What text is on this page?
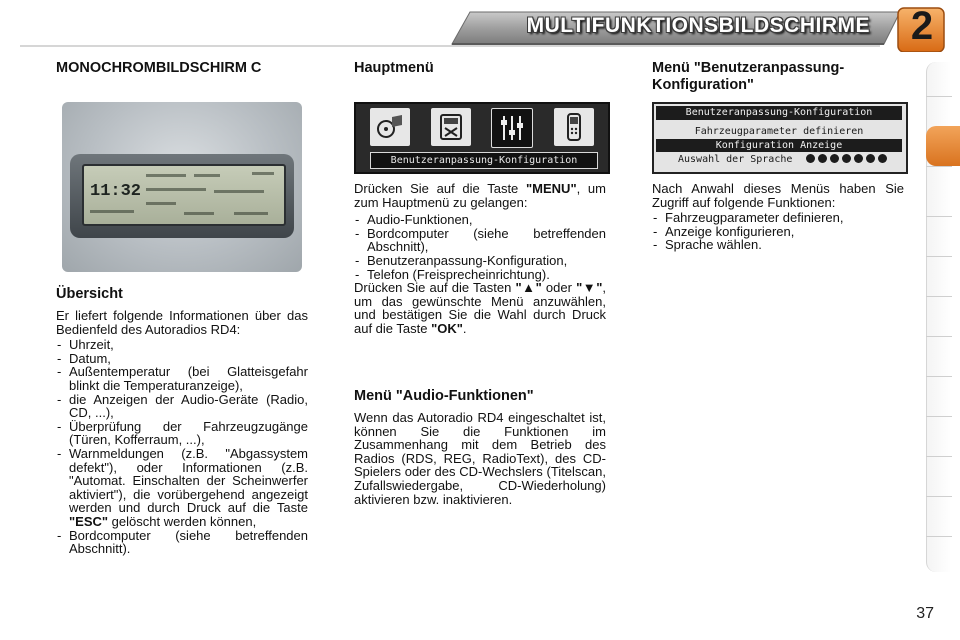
MULTIFUNKTIONSBILDSCHIRME 2
MONOCHROMBILDSCHIRM C
11:32
Übersicht

Er liefert folgende Informationen über das Bedienfeld des Autoradios RD4:

- Uhrzeit,
- Datum,
- Außentemperatur (bei Glatteisgefahr blinkt die Temperaturanzeige),
- die Anzeigen der Audio-Geräte (Radio, CD, ...),
- Überprüfung der Fahrzeugzugänge (Türen, Kofferraum, ...),
- Warnmeldungen (z.B. "Abgassystem defekt"), oder Informationen (z.B. "Automat. Einschalten der Scheinwerfer aktiviert"), die vorübergehend angezeigt werden und durch Druck auf die Taste "ESC" gelöscht werden können,
- Bordcomputer (siehe betreffenden Abschnitt).
Hauptmenü
Benutzeranpassung-Konfiguration

Drücken Sie auf die Taste "MENU", um zum Hauptmenü zu gelangen:

- Audio-Funktionen,
- Bordcomputer (siehe betreffenden Abschnitt),
- Benutzeranpassung-Konfiguration,
- Telefon (Freisprecheinrichtung).

Drücken Sie auf die Tasten "▲" oder "▼", um das gewünschte Menü anzuwählen, und bestätigen Sie die Wahl durch Druck auf die Taste "OK".

Menü "Audio-Funktionen"

Wenn das Autoradio RD4 eingeschaltet ist, können Sie die Funktionen im Zusammenhang mit dem Betrieb des Radios (RDS, REG, RadioText), des CD-Spielers oder des CD-Wechslers (Titelscan, Zufallswiedergabe, CD-Wiederholung) aktivieren bzw. inaktivieren.

Menü "Benutzeranpassung-Konfiguration"
Benutzeranpassung-Konfiguration
Fahrzeugparameter definieren
Konfiguration Anzeige
Auswahl der Sprache

Nach Anwahl dieses Menüs haben Sie Zugriff auf folgende Funktionen:

- Fahrzeugparameter definieren,
- Anzeige konfigurieren,
- Sprache wählen.
37
